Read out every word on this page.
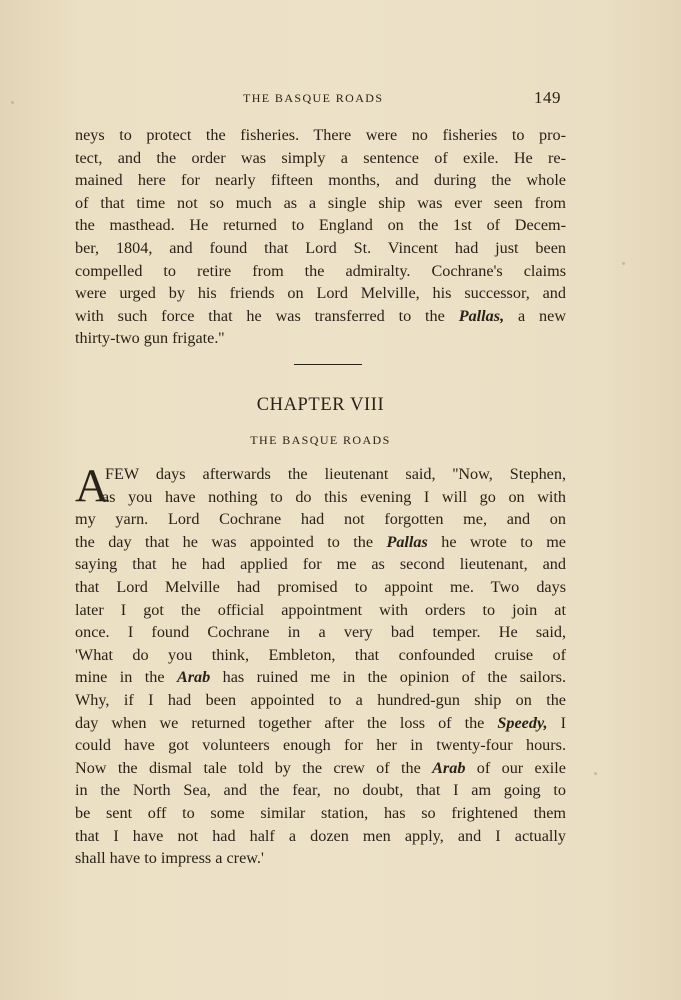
THE BASQUE ROADS	149
neys to protect the fisheries. There were no fisheries to pro-
tect, and the order was simply a sentence of exile. He re-
mained here for nearly fifteen months, and during the whole
of that time not so much as a single ship was ever seen from
the masthead. He returned to England on the 1st of Decem-
ber, 1804, and found that Lord St. Vincent had just been
compelled to retire from the admiralty. Cochrane's claims
were urged by his friends on Lord Melville, his successor, and
with such force that he was transferred to the Pallas, a new
thirty-two gun frigate.''
CHAPTER VIII
THE BASQUE ROADS
A
FEW days afterwards the lieutenant said, ''Now, Stephen,
as you have nothing to do this evening I will go on with
my yarn. Lord Cochrane had not forgotten me, and on
the day that he was appointed to the Pallas he wrote to me
saying that he had applied for me as second lieutenant, and
that Lord Melville had promised to appoint me. Two days
later I got the official appointment with orders to join at
once. I found Cochrane in a very bad temper. He said,
'What do you think, Embleton, that confounded cruise of
mine in the Arab has ruined me in the opinion of the sailors.
Why, if I had been appointed to a hundred-gun ship on the
day when we returned together after the loss of the Speedy, I
could have got volunteers enough for her in twenty-four hours.
Now the dismal tale told by the crew of the Arab of our exile
in the North Sea, and the fear, no doubt, that I am going to
be sent off to some similar station, has so frightened them
that I have not had half a dozen men apply, and I actually
shall have to impress a crew.'
